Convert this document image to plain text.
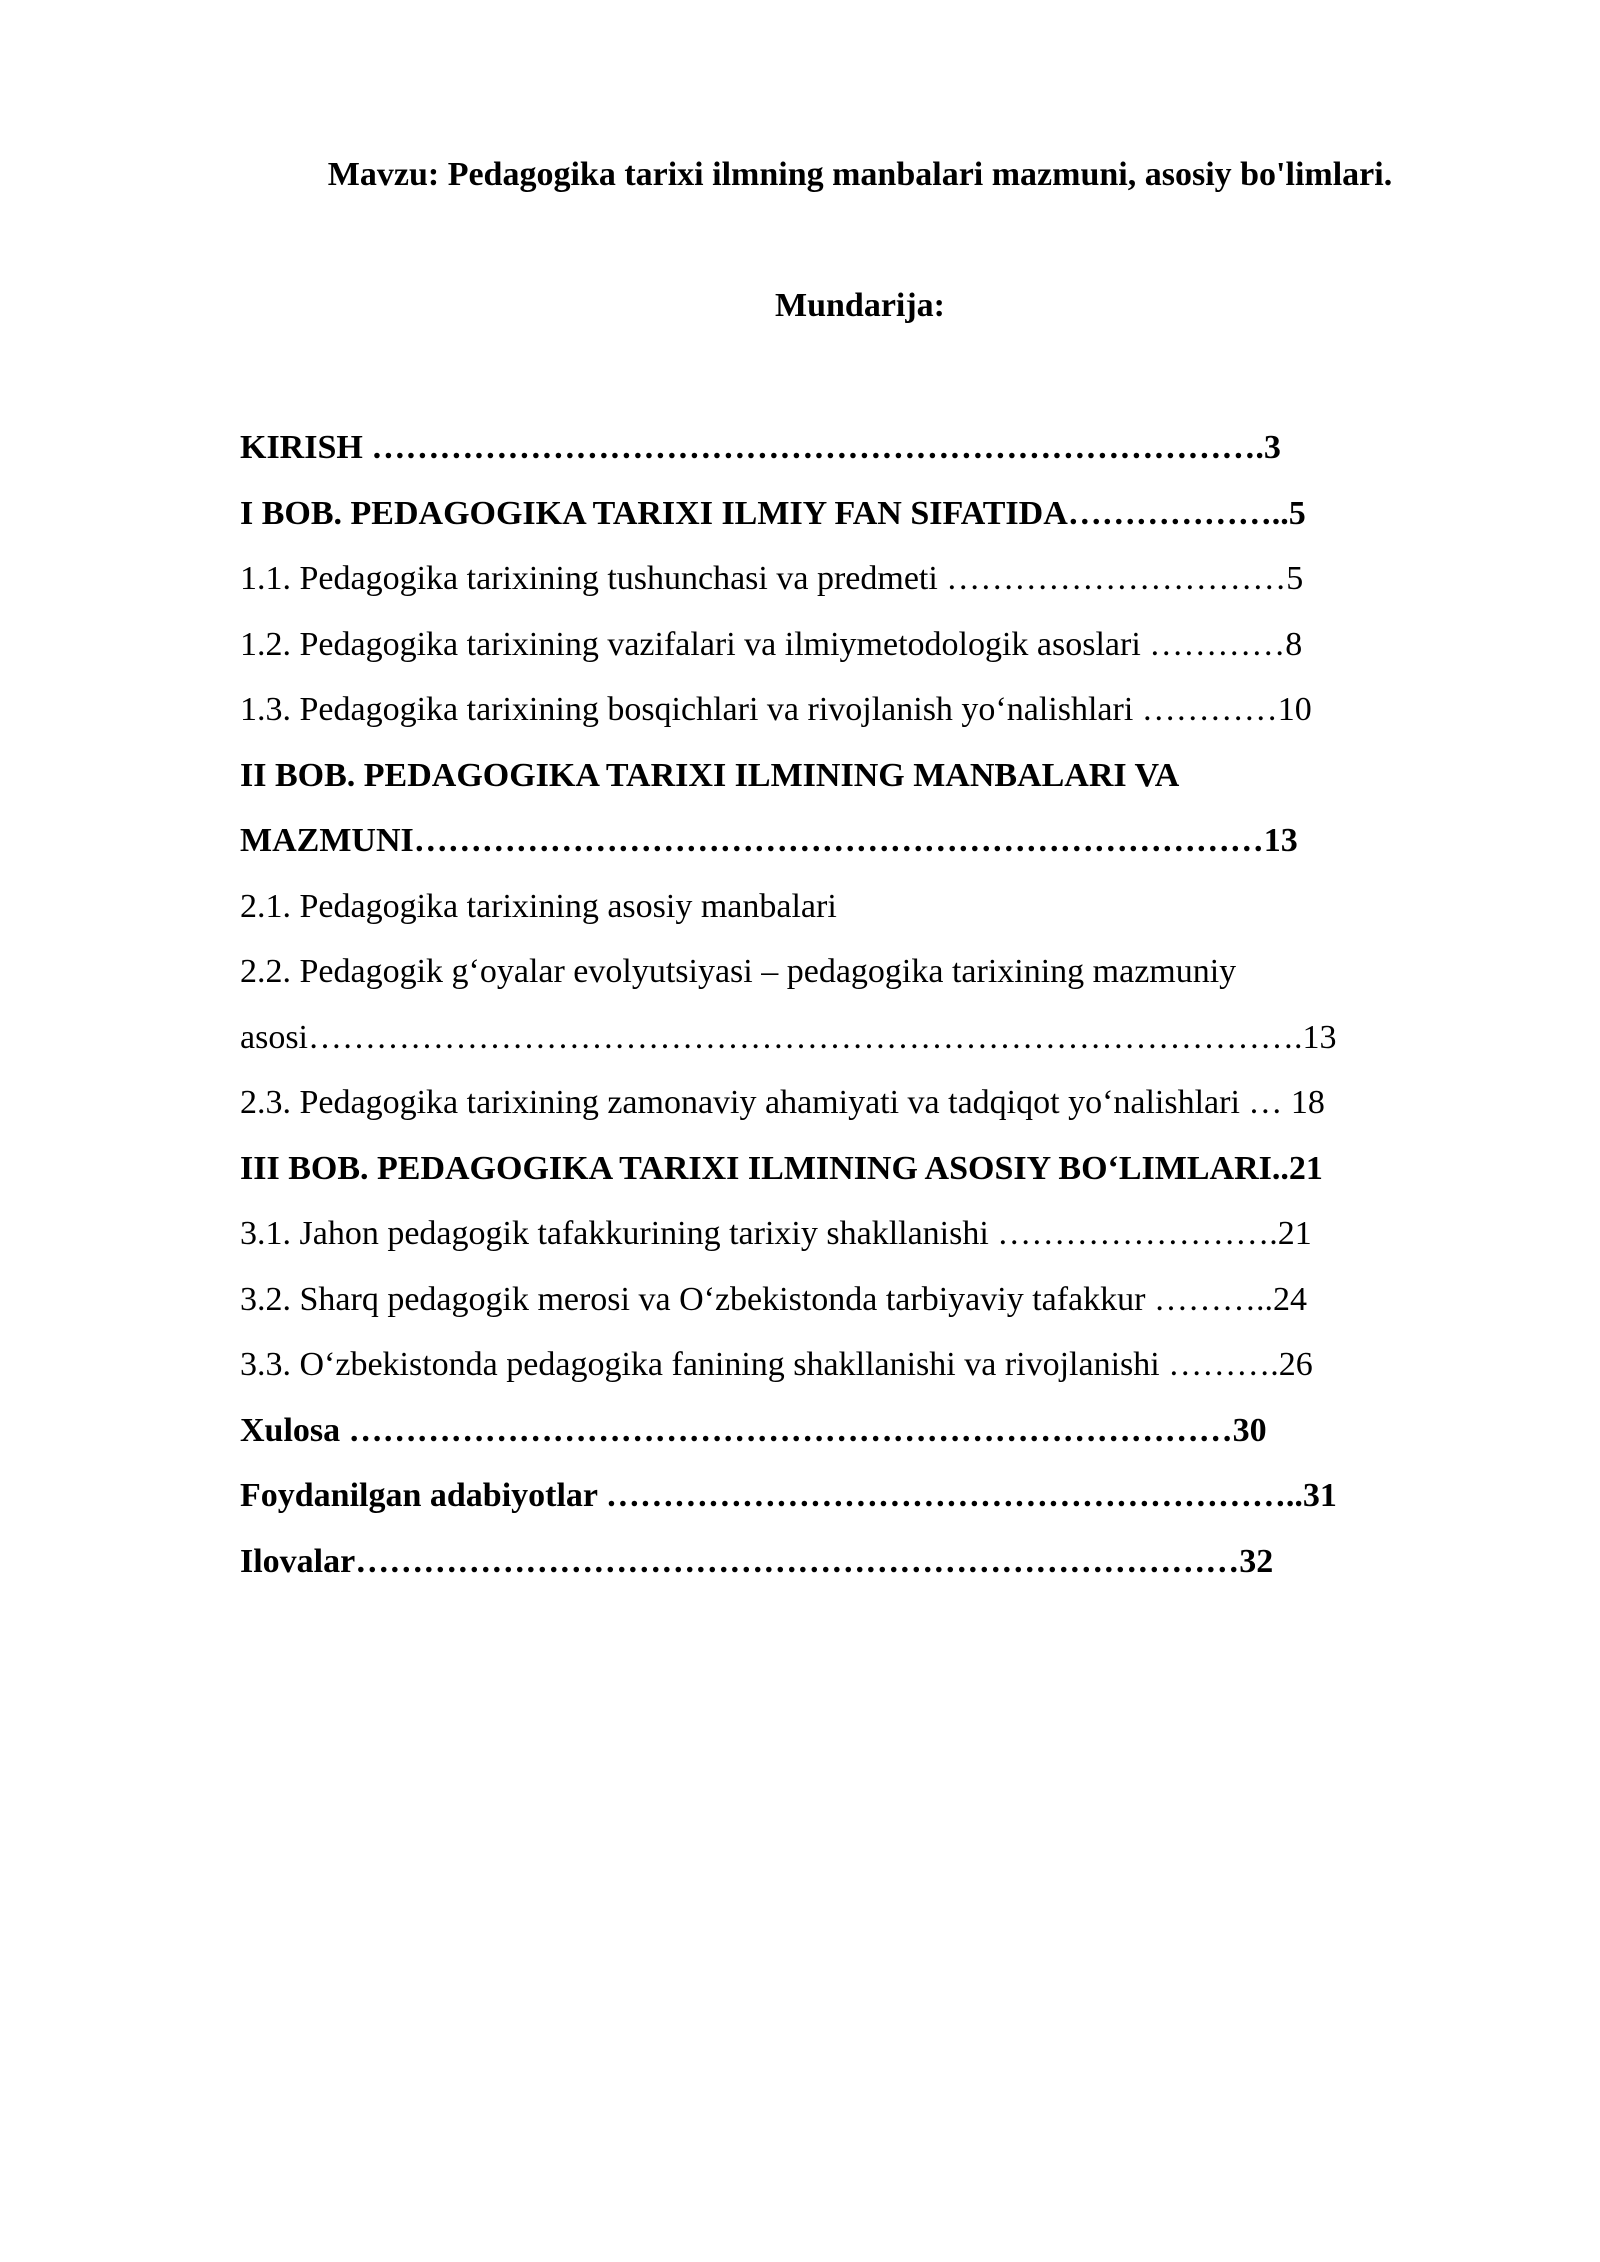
Mavzu: Pedagogika tarixi ilmning manbalari mazmuni, asosiy bo'limlari.
Mundarija:
KIRISH …………………………………………………………………….3
I BOB. PEDAGOGIKA TARIXI ILMIY FAN SIFATIDA………………..5
1.1. Pedagogika tarixining tushunchasi va predmeti …………………………5
1.2. Pedagogika tarixining vazifalari va ilmiymetodologik asoslari …………8
1.3. Pedagogika tarixining bosqichlari va rivojlanish yo‘nalishlari …………10
II BOB. PEDAGOGIKA TARIXI ILMINING MANBALARI VA
MAZMUNI…………………………………………………………………13
2.1. Pedagogika tarixining asosiy manbalari
2.2. Pedagogik g‘oyalar evolyutsiyasi – pedagogika tarixining mazmuniy
asosi…………………………………………………………………………….13
2.3. Pedagogika tarixining zamonaviy ahamiyati va tadqiqot yo‘nalishlari … 18
III BOB. PEDAGOGIKA TARIXI ILMINING ASOSIY BO‘LIMLARI..21
3.1. Jahon pedagogik tafakkurining tarixiy shakllanishi …………………….21
3.2. Sharq pedagogik merosi va O‘zbekistonda tarbiyaviy tafakkur ………..24
3.3. O‘zbekistonda pedagogika fanining shakllanishi va rivojlanishi ……….26
Xulosa ……………………………………………………………………30
Foydanilgan adabiyotlar ……………………………………………………..31
Ilovalar……………………………………………………………………32
